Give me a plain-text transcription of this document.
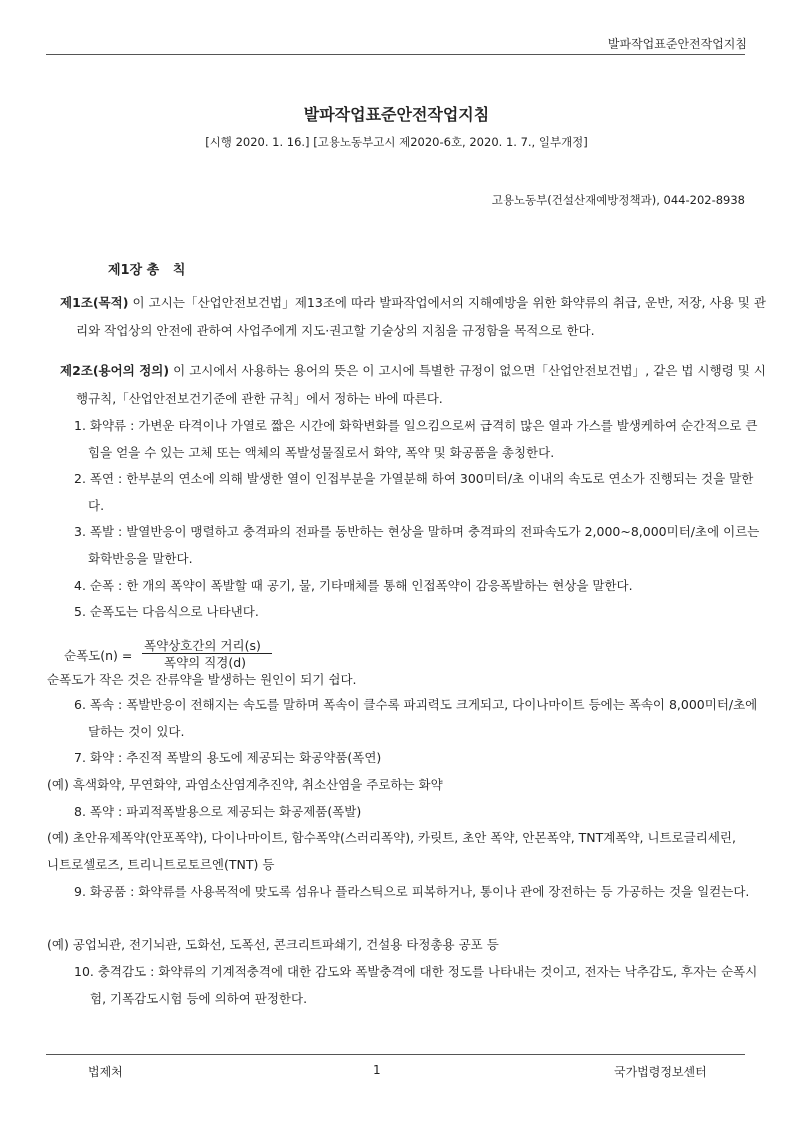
발파작업표준안전작업지침
발파작업표준안전작업지침
[시행 2020. 1. 16.] [고용노동부고시 제2020-6호, 2020. 1. 7., 일부개정]
고용노동부(건설산재예방정책과), 044-202-8938
제1장 총   칙
제1조(목적) 이 고시는「산업안전보건법」제13조에 따라 발파작업에서의 지해예방을 위한 화약류의 취급, 운반, 저장, 사용 및 관리와 작업상의 안전에 관하여 사업주에게 지도·권고할 기술상의 지침을 규정함을 목적으로 한다.
제2조(용어의 정의) 이 고시에서 사용하는 용어의 뜻은 이 고시에 특별한 규정이 없으면「산업안전보건법」, 같은 법 시행령 및 시행규칙,「산업안전보건기준에 관한 규칙」에서 정하는 바에 따른다.
1. 화약류 : 가변운 타격이나 가열로 짧은 시간에 화학변화를 일으킴으로써 급격히 많은 열과 가스를 발생케하여 순간적으로 큰힘을 얻을 수 있는 고체 또는 액체의 폭발성물질로서 화약, 폭약 및 화공품을 총칭한다.
2. 폭연 : 한부분의 연소에 의해 발생한 열이 인접부분을 가열분해 하여 300미터/초 이내의 속도로 연소가 진행되는 것을 말한다.
3. 폭발 : 발열반응이 맹렬하고 충격파의 전파를 동반하는 현상을 말하며 충격파의 전파속도가 2,000~8,000미터/초에 이르는 화학반응을 말한다.
4. 순폭 : 한 개의 폭약이 폭발할 때 공기, 물, 기타매체를 통해 인접폭약이 감응폭발하는 현상을 말한다.
5. 순폭도는 다음식으로 나타낸다.
순폭도(n) =
폭약상호간의 거리(s)
폭약의 직경(d)
순폭도가 작은 것은 잔류약을 발생하는 원인이 되기 쉽다.
6. 폭속 : 폭발반응이 전해지는 속도를 말하며 폭속이 클수록 파괴력도 크게되고, 다이나마이트 등에는 폭속이 8,000미터/초에 달하는 것이 있다.
7. 화약 : 추진적 폭발의 용도에 제공되는 화공약품(폭연)
(예) 흑색화약, 무연화약, 과염소산염계추진약, 취소산염을 주로하는 화약
8. 폭약 : 파괴적폭발용으로 제공되는 화공제품(폭발)
(예) 초안유제폭약(안포폭약), 다이나마이트, 함수폭약(스러리폭약), 카릿트, 초안 폭약, 안몬폭약, TNT계폭약, 니트로글리세린, 니트로셀로즈, 트리니트로토르엔(TNT) 등
9. 화공품 : 화약류를 사용목적에 맞도록 섬유나 플라스틱으로 피복하거나, 통이나 관에 장전하는 등 가공하는 것을 일컫는다.
(예) 공업뇌관, 전기뇌관, 도화선, 도폭선, 콘크리트파쇄기, 건설용 타정총용 공포 등
10. 충격감도 : 화약류의 기계적충격에 대한 감도와 폭발충격에 대한 정도를 나타내는 것이고, 전자는 낙추감도, 후자는 순폭시험, 기폭감도시험 등에 의하여 판정한다.
법제처	1	국가법령정보센터
